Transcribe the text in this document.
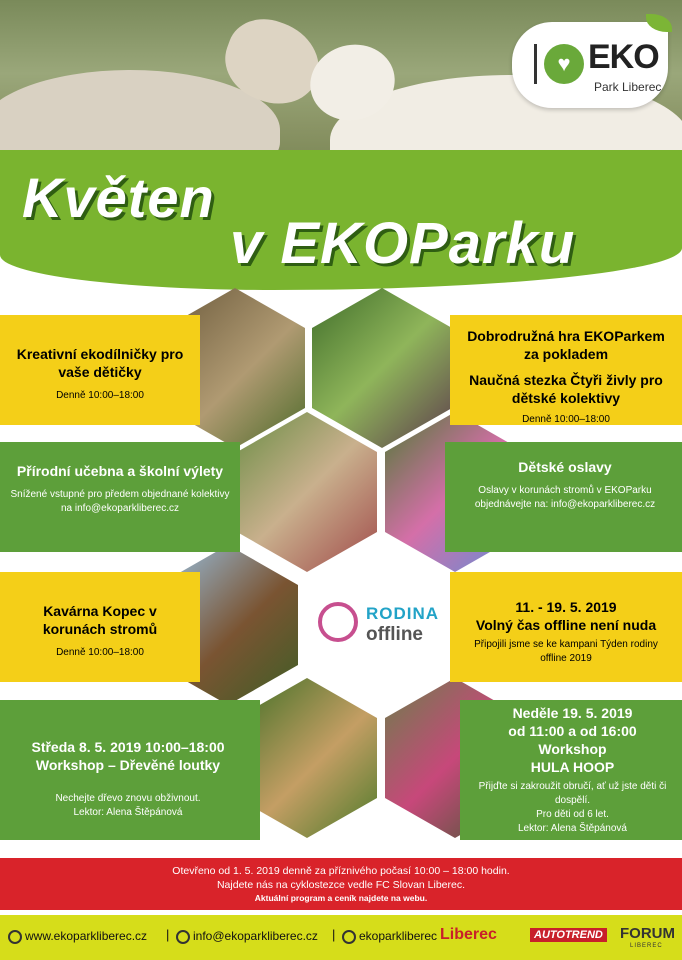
♥ EKO
Park Liberec
Květen
v EKOParku
RODINA
offline
Kreativní ekodílničky pro vaše dětičky
Denně 10:00–18:00
Dobrodružná hra EKOParkem za pokladem
Naučná stezka Čtyři živly pro dětské kolektivy
Denně 10:00–18:00
Přírodní učebna a školní výlety
Snížené vstupné pro předem objednané kolektivy na info@ekoparkliberec.cz
Dětské oslavy
Oslavy v korunách stromů v EKOParku objednávejte na: info@ekoparkliberec.cz
Kavárna Kopec v korunách stromů
Denně 10:00–18:00
11. - 19. 5. 2019
Volný čas offline není nuda
Připojili jsme se ke kampani Týden rodiny offline 2019
Středa 8. 5. 2019 10:00–18:00
Workshop – Dřevěné loutky
Nechejte dřevo znovu obživnout.
Lektor: Alena Štěpánová
Neděle 19. 5. 2019
od 11:00 a od 16:00
Workshop
HULA HOOP
Přijďte si zakroužit obručí, ať už jste děti či dospělí.
Pro děti od 6 let.
Lektor: Alena Štěpánová
Otevřeno od 1. 5. 2019 denně za příznivého počasí 10:00 – 18:00 hodin.
Najdete nás na cyklostezce vedle FC Slovan Liberec.
Aktuální program a ceník najdete na webu.
www.ekoparkliberec.cz |	info@ekoparkliberec.cz |	ekoparkliberec Liberec	AUTOTREND FORUM
LIBEREC
